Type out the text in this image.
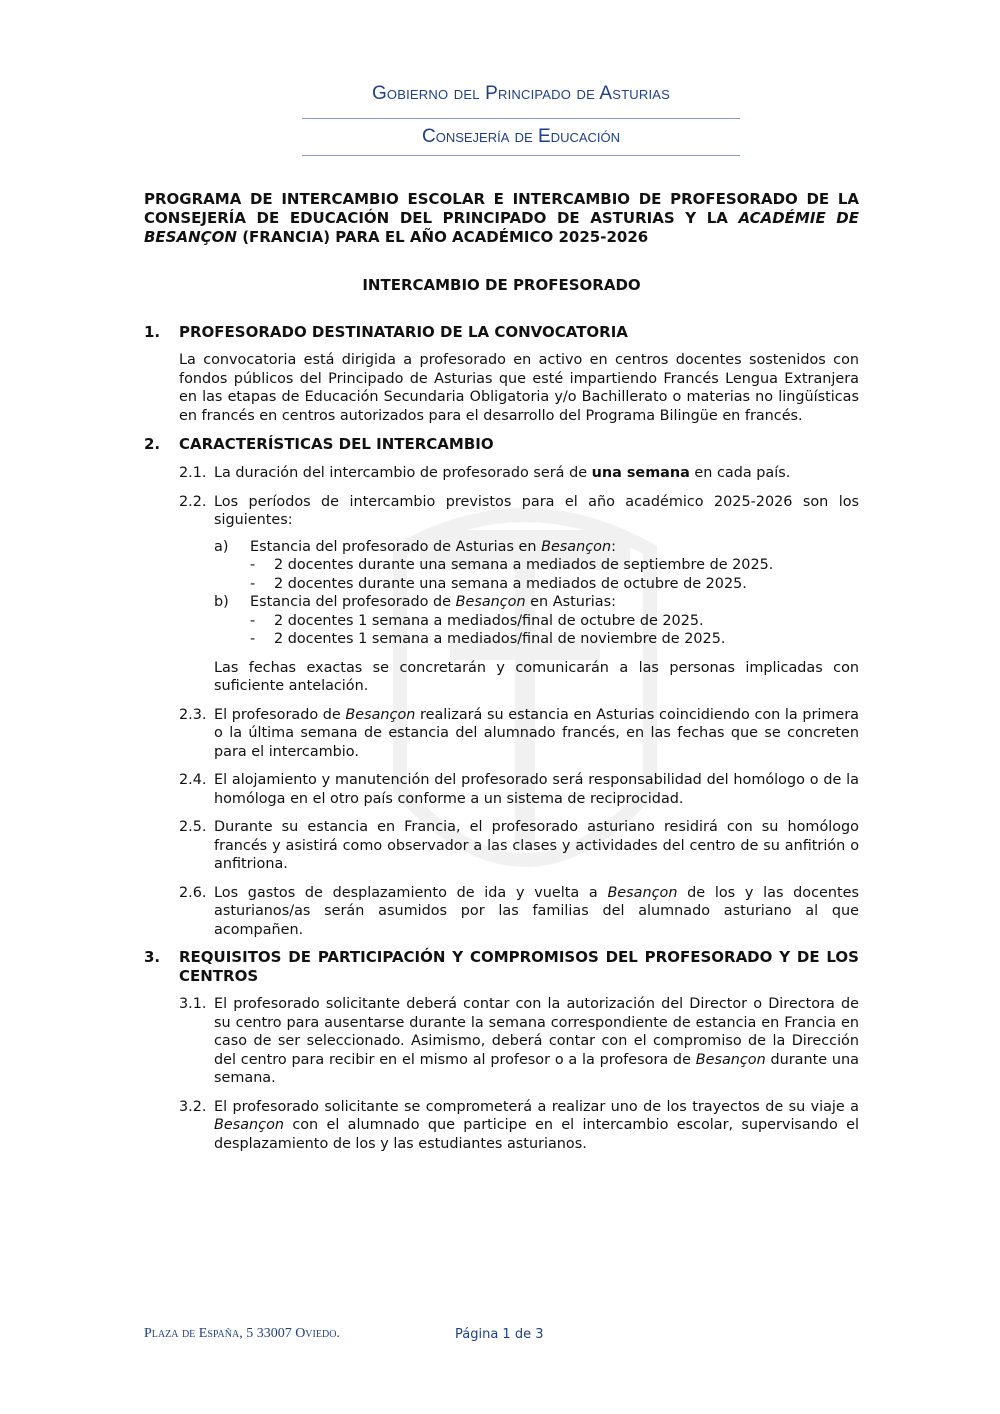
Gobierno del Principado de Asturias
Consejería de Educación
PROGRAMA DE INTERCAMBIO ESCOLAR E INTERCAMBIO DE PROFESORADO DE LA CONSEJERÍA DE EDUCACIÓN DEL PRINCIPADO DE ASTURIAS Y LA ACADÉMIE DE BESANÇON (FRANCIA) PARA EL AÑO ACADÉMICO 2025-2026
INTERCAMBIO DE PROFESORADO
1.	PROFESORADO DESTINATARIO DE LA CONVOCATORIA
La convocatoria está dirigida a profesorado en activo en centros docentes sostenidos con fondos públicos del Principado de Asturias que esté impartiendo Francés Lengua Extranjera en las etapas de Educación Secundaria Obligatoria y/o Bachillerato o materias no lingüísticas en francés en centros autorizados para el desarrollo del Programa Bilingüe en francés.
2.	CARACTERÍSTICAS DEL INTERCAMBIO
2.1. La duración del intercambio de profesorado será de una semana en cada país.
2.2. Los períodos de intercambio previstos para el año académico 2025-2026 son los siguientes:
a)	Estancia del profesorado de Asturias en Besançon:
-	2 docentes durante una semana a mediados de septiembre de 2025.
-	2 docentes durante una semana a mediados de octubre de 2025.
b)	Estancia del profesorado de Besançon en Asturias:
-	2 docentes 1 semana a mediados/final de octubre de 2025.
-	2 docentes 1 semana a mediados/final de noviembre de 2025.
Las fechas exactas se concretarán y comunicarán a las personas implicadas con suficiente antelación.
2.3. El profesorado de Besançon realizará su estancia en Asturias coincidiendo con la primera o la última semana de estancia del alumnado francés, en las fechas que se concreten para el intercambio.
2.4. El alojamiento y manutención del profesorado será responsabilidad del homólogo o de la homóloga en el otro país conforme a un sistema de reciprocidad.
2.5. Durante su estancia en Francia, el profesorado asturiano residirá con su homólogo francés y asistirá como observador a las clases y actividades del centro de su anfitrión o anfitriona.
2.6. Los gastos de desplazamiento de ida y vuelta a Besançon de los y las docentes asturianos/as serán asumidos por las familias del alumnado asturiano al que acompañen.
3.	REQUISITOS DE PARTICIPACIÓN Y COMPROMISOS DEL PROFESORADO Y DE LOS CENTROS
3.1. El profesorado solicitante deberá contar con la autorización del Director o Directora de su centro para ausentarse durante la semana correspondiente de estancia en Francia en caso de ser seleccionado. Asimismo, deberá contar con el compromiso de la Dirección del centro para recibir en el mismo al profesor o a la profesora de Besançon durante una semana.
3.2. El profesorado solicitante se comprometerá a realizar uno de los trayectos de su viaje a Besançon con el alumnado que participe en el intercambio escolar, supervisando el desplazamiento de los y las estudiantes asturianos.
Plaza de España, 5 33007 Oviedo.	Página 1 de 3
